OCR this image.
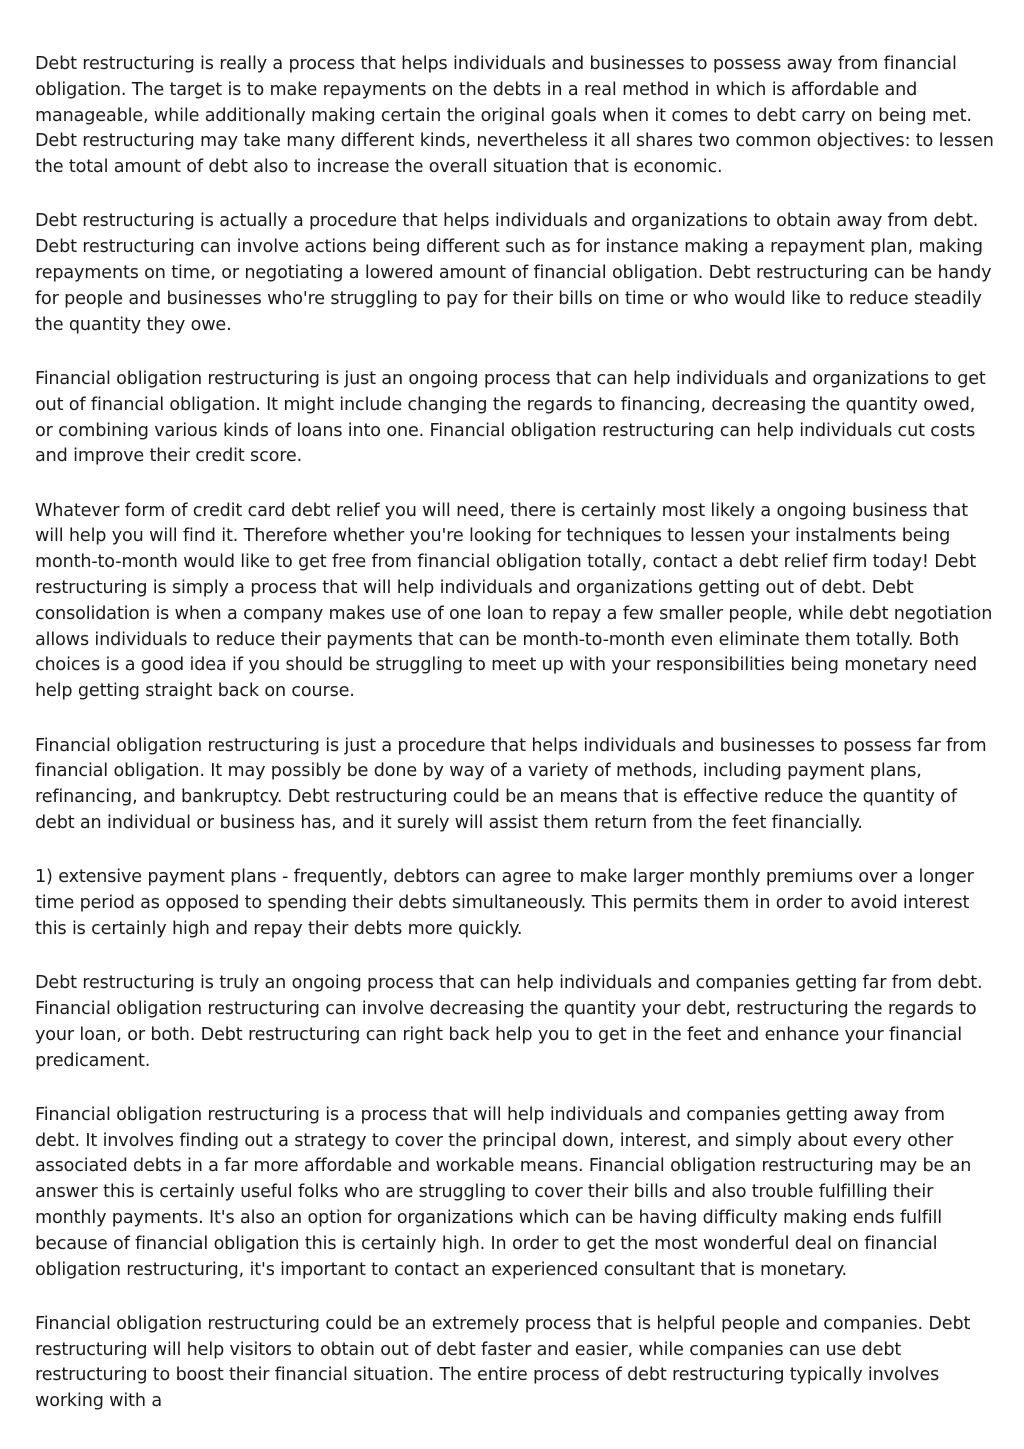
Debt restructuring is really a process that helps individuals and businesses to possess away from financial obligation. The target is to make repayments on the debts in a real method in which is affordable and manageable, while additionally making certain the original goals when it comes to debt carry on being met. Debt restructuring may take many different kinds, nevertheless it all shares two common objectives: to lessen the total amount of debt also to increase the overall situation that is economic.

Debt restructuring is actually a procedure that helps individuals and organizations to obtain away from debt. Debt restructuring can involve actions being different such as for instance making a repayment plan, making repayments on time, or negotiating a lowered amount of financial obligation. Debt restructuring can be handy for people and businesses who're struggling to pay for their bills on time or who would like to reduce steadily the quantity they owe.

Financial obligation restructuring is just an ongoing process that can help individuals and organizations to get out of financial obligation. It might include changing the regards to financing, decreasing the quantity owed, or combining various kinds of loans into one. Financial obligation restructuring can help individuals cut costs and improve their credit score.

Whatever form of credit card debt relief you will need, there is certainly most likely a ongoing business that will help you will find it. Therefore whether you're looking for techniques to lessen your instalments being month-to-month would like to get free from financial obligation totally, contact a debt relief firm today! Debt restructuring is simply a process that will help individuals and organizations getting out of debt. Debt consolidation is when a company makes use of one loan to repay a few smaller people, while debt negotiation allows individuals to reduce their payments that can be month-to-month even eliminate them totally. Both choices is a good idea if you should be struggling to meet up with your responsibilities being monetary need help getting straight back on course.

Financial obligation restructuring is just a procedure that helps individuals and businesses to possess far from financial obligation. It may possibly be done by way of a variety of methods, including payment plans, refinancing, and bankruptcy. Debt restructuring could be an means that is effective reduce the quantity of debt an individual or business has, and it surely will assist them return from the feet financially.

1) extensive payment plans - frequently, debtors can agree to make larger monthly premiums over a longer time period as opposed to spending their debts simultaneously. This permits them in order to avoid interest this is certainly high and repay their debts more quickly.

Debt restructuring is truly an ongoing process that can help individuals and companies getting far from debt. Financial obligation restructuring can involve decreasing the quantity your debt, restructuring the regards to your loan, or both. Debt restructuring can right back help you to get in the feet and enhance your financial predicament.

Financial obligation restructuring is a process that will help individuals and companies getting away from debt. It involves finding out a strategy to cover the principal down, interest, and simply about every other associated debts in a far more affordable and workable means. Financial obligation restructuring may be an answer this is certainly useful folks who are struggling to cover their bills and also trouble fulfilling their monthly payments. It's also an option for organizations which can be having difficulty making ends fulfill because of financial obligation this is certainly high. In order to get the most wonderful deal on financial obligation restructuring, it's important to contact an experienced consultant that is monetary.

Financial obligation restructuring could be an extremely process that is helpful people and companies. Debt restructuring will help visitors to obtain out of debt faster and easier, while companies can use debt restructuring to boost their financial situation. The entire process of debt restructuring typically involves working with a
